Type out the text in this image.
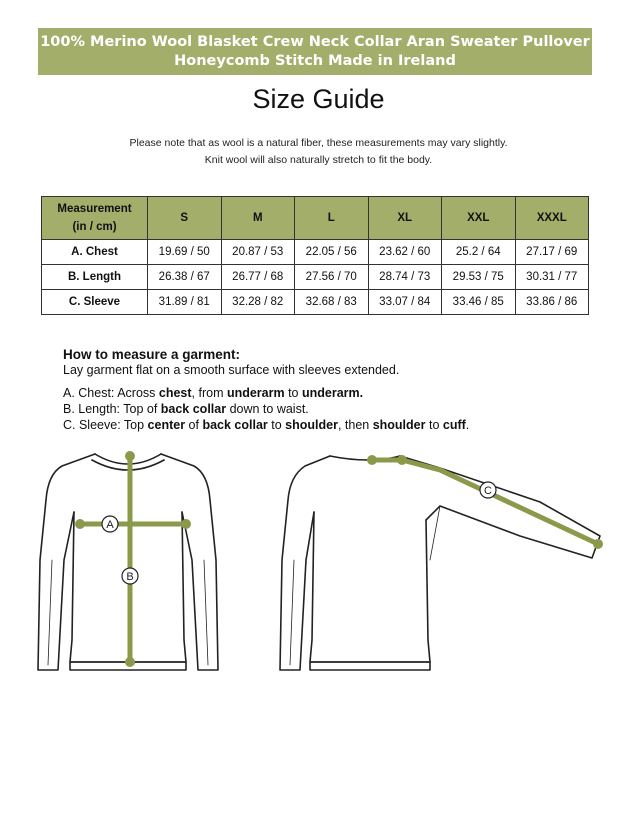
100% Merino Wool Blasket Crew Neck Collar Aran Sweater Pullover
Honeycomb Stitch Made in Ireland
Size Guide
Please note that as wool is a natural fiber, these measurements may vary slightly.
Knit wool will also naturally stretch to fit the body.
Measurement
(in / cm)	S	M	L	XL	XXL	XXXL
A. Chest	19.69 / 50	20.87 / 53	22.05 / 56	23.62 / 60	25.2 / 64	27.17 / 69
B. Length	26.38 / 67	26.77 / 68	27.56 / 70	28.74 / 73	29.53 / 75	30.31 / 77
C. Sleeve	31.89 / 81	32.28 / 82	32.68 / 83	33.07 / 84	33.46 / 85	33.86 / 86
How to measure a garment:
Lay garment flat on a smooth surface with sleeves extended.
A. Chest: Across chest, from underarm to underarm.
B. Length: Top of back collar down to waist.
C. Sleeve: Top center of back collar to shoulder, then shoulder to cuff.
A
B
C
